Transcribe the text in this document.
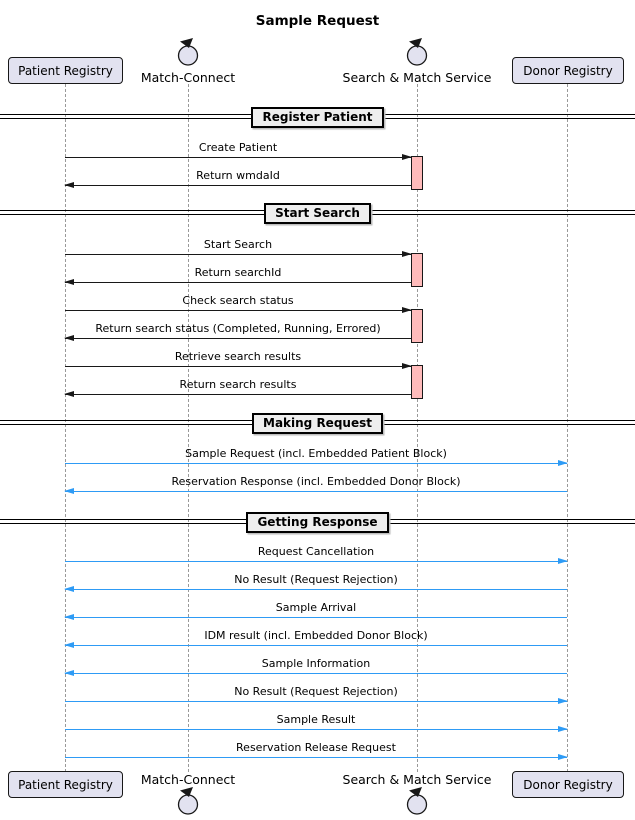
Sample Request
Register Patient
Start Search
Making Request
Getting Response
Create Patient
Return wmdaId
Start Search
Return searchId
Check search status
Return search status (Completed, Running, Errored)
Retrieve search results
Return search results
Sample Request (incl. Embedded Patient Block)
Reservation Response (incl. Embedded Donor Block)
Request Cancellation
No Result (Request Rejection)
Sample Arrival
IDM result (incl. Embedded Donor Block)
Sample Information
No Result (Request Rejection)
Sample Result
Reservation Release Request
Patient Registry	Donor Registry
Match-Connect	Search & Match Service
Patient Registry	Donor Registry
Match-Connect	Search & Match Service
